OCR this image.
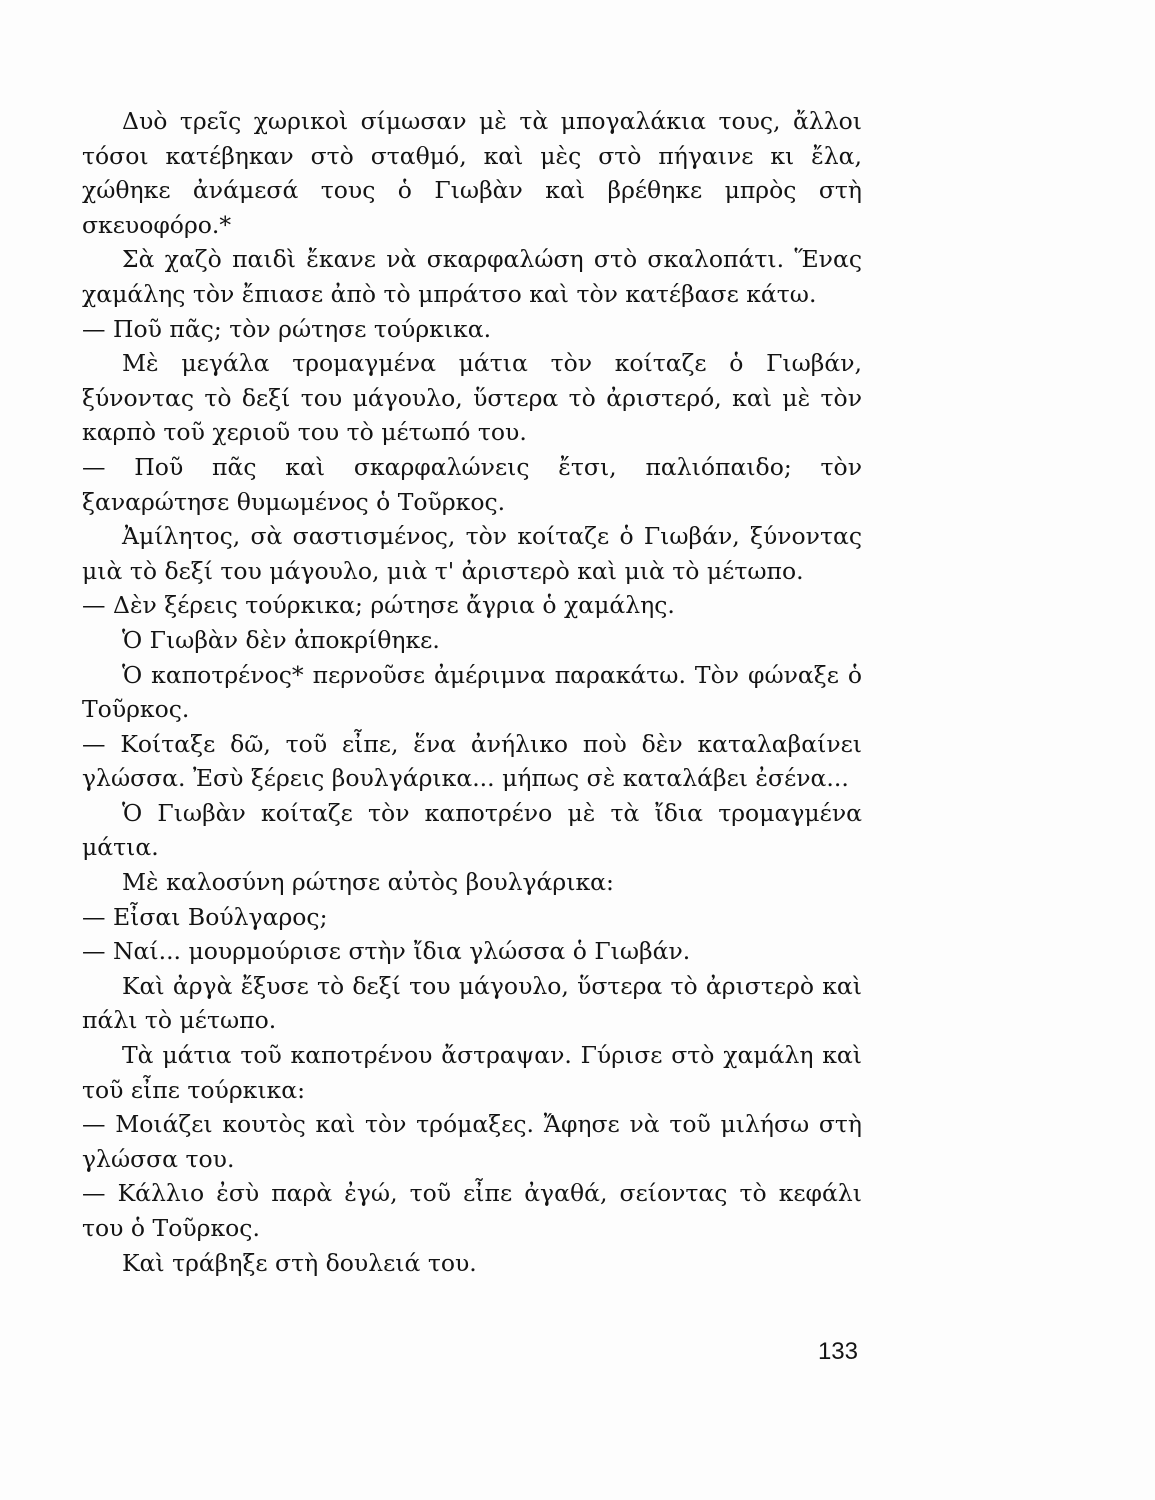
Δυὸ τρεῖς χωρικοὶ σίμωσαν μὲ τὰ μπογαλάκια τους, ἄλλοι τόσοι κατέβηκαν στὸ σταθμό, καὶ μὲς στὸ πήγαινε κι ἔλα, χώθηκε ἀνάμεσά τους ὁ Γιωβὰν καὶ βρέθηκε μπρὸς στὴ σκευοφόρο.*

Σὰ χαζὸ παιδὶ ἔκανε νὰ σκαρφαλώση στὸ σκαλοπάτι. Ἕνας χαμάλης τὸν ἔπιασε ἀπὸ τὸ μπράτσο καὶ τὸν κατέβασε κάτω.

— Ποῦ πᾶς; τὸν ρώτησε τούρκικα.

Μὲ μεγάλα τρομαγμένα μάτια τὸν κοίταζε ὁ Γιωβάν, ξύνοντας τὸ δεξί του μάγουλο, ὕστερα τὸ ἀριστερό, καὶ μὲ τὸν καρπὸ τοῦ χεριοῦ του τὸ μέτωπό του.

— Ποῦ πᾶς καὶ σκαρφαλώνεις ἔτσι, παλιόπαιδο; τὸν ξαναρώτησε θυμωμένος ὁ Τοῦρκος.

Ἀμίλητος, σὰ σαστισμένος, τὸν κοίταζε ὁ Γιωβάν, ξύνοντας μιὰ τὸ δεξί του μάγουλο, μιὰ τ' ἀριστερὸ καὶ μιὰ τὸ μέτωπο.

— Δὲν ξέρεις τούρκικα; ρώτησε ἄγρια ὁ χαμάλης.

Ὁ Γιωβὰν δὲν ἀποκρίθηκε.

Ὁ καποτρένος* περνοῦσε ἀμέριμνα παρακάτω. Τὸν φώναξε ὁ Τοῦρκος.

— Κοίταξε δῶ, τοῦ εἶπε, ἕνα ἀνήλικο ποὺ δὲν καταλαβαίνει γλώσσα. Ἐσὺ ξέρεις βουλγάρικα... μήπως σὲ καταλάβει ἐσένα...

Ὁ Γιωβὰν κοίταζε τὸν καποτρένο μὲ τὰ ἴδια τρομαγμένα μάτια.

Μὲ καλοσύνη ρώτησε αὐτὸς βουλγάρικα:

— Εἶσαι Βούλγαρος;

— Ναί... μουρμούρισε στὴν ἴδια γλώσσα ὁ Γιωβάν.

Καὶ ἀργὰ ἔξυσε τὸ δεξί του μάγουλο, ὕστερα τὸ ἀριστερὸ καὶ πάλι τὸ μέτωπο.

Τὰ μάτια τοῦ καποτρένου ἄστραψαν. Γύρισε στὸ χαμάλη καὶ τοῦ εἶπε τούρκικα:

— Μοιάζει κουτὸς καὶ τὸν τρόμαξες. Ἄφησε νὰ τοῦ μιλήσω στὴ γλώσσα του.

— Κάλλιο ἐσὺ παρὰ ἐγώ, τοῦ εἶπε ἀγαθά, σείοντας τὸ κεφάλι του ὁ Τοῦρκος.

Καὶ τράβηξε στὴ δουλειά του.

133
